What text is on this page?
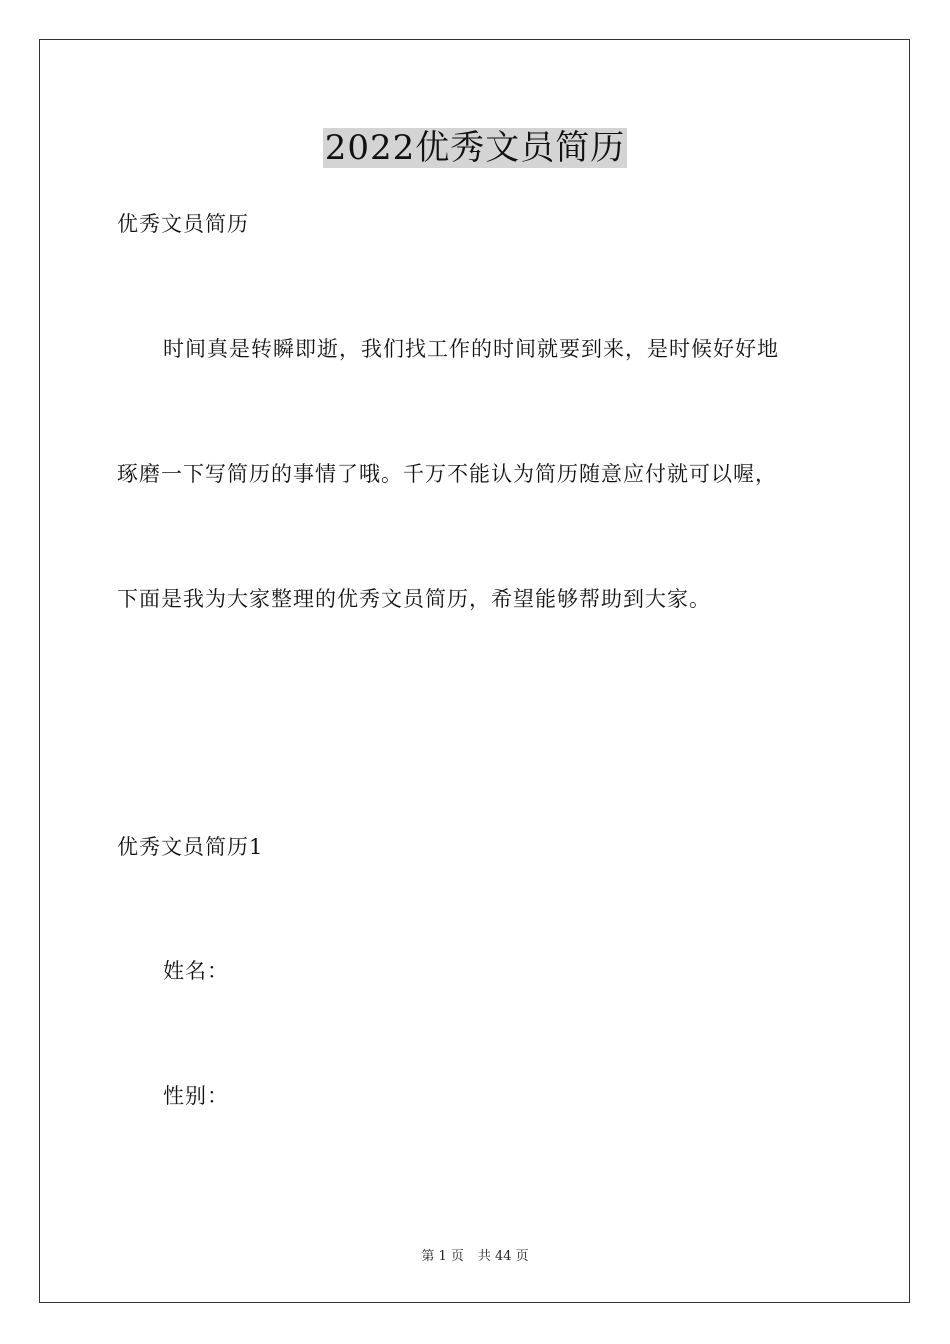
2022优秀文员简历
优秀文员简历
时间真是转瞬即逝，我们找工作的时间就要到来，是时候好好地
琢磨一下写简历的事情了哦。千万不能认为简历随意应付就可以喔，
下面是我为大家整理的优秀文员简历，希望能够帮助到大家。
优秀文员简历1
姓名：
性别：
第 1 页 共 44 页
